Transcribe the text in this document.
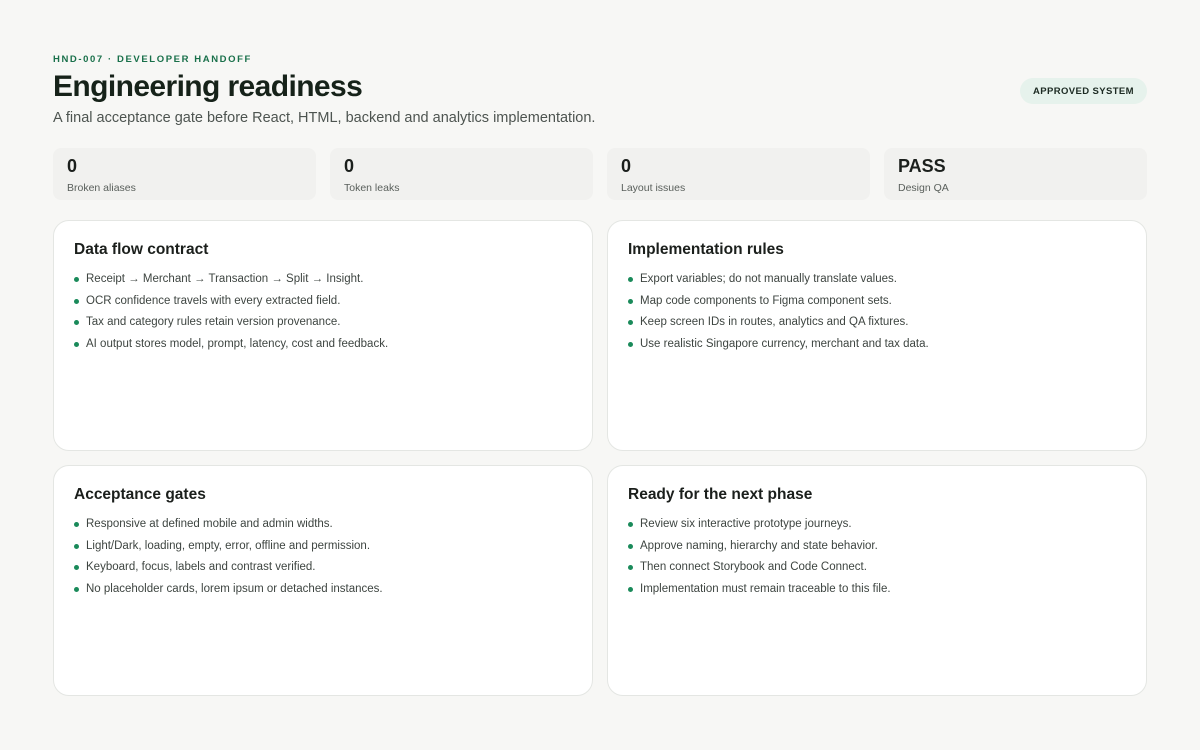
HND-007 · DEVELOPER HANDOFF
Engineering readiness

A final acceptance gate before React, HTML, backend and analytics implementation.

APPROVED SYSTEM
0
Broken aliases
0
Token leaks
0
Layout issues
PASS
Design QA
Data flow contract
Receipt → Merchant → Transaction → Split → Insight.
OCR confidence travels with every extracted field.
Tax and category rules retain version provenance.
AI output stores model, prompt, latency, cost and feedback.
Implementation rules
Export variables; do not manually translate values.
Map code components to Figma component sets.
Keep screen IDs in routes, analytics and QA fixtures.
Use realistic Singapore currency, merchant and tax data.
Acceptance gates
Responsive at defined mobile and admin widths.
Light/Dark, loading, empty, error, offline and permission.
Keyboard, focus, labels and contrast verified.
No placeholder cards, lorem ipsum or detached instances.
Ready for the next phase
Review six interactive prototype journeys.
Approve naming, hierarchy and state behavior.
Then connect Storybook and Code Connect.
Implementation must remain traceable to this file.
